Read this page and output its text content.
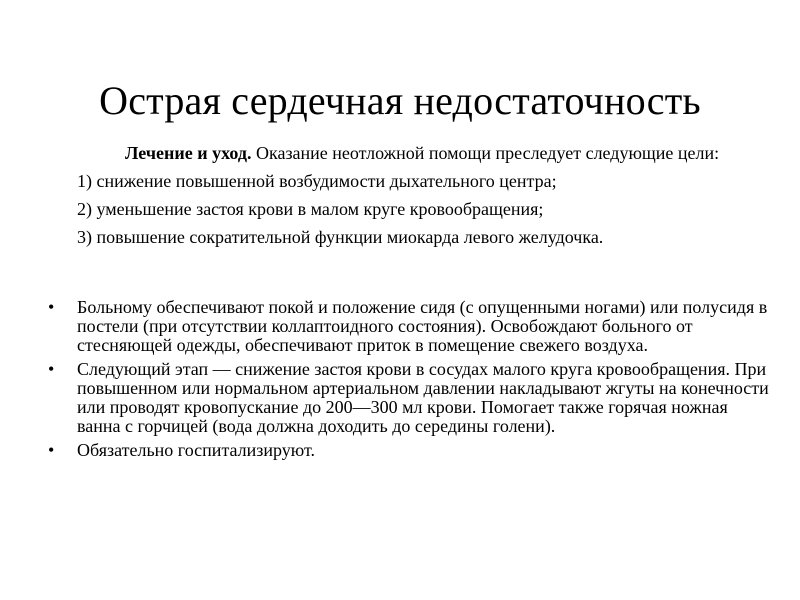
Острая сердечная недостаточность

Лечение и уход. Оказание неотложной помощи преследует следующие цели:

1) снижение повышенной возбудимости дыхательного центра;

2) уменьшение застоя крови в малом круге кровообращения;

3) повышение сократительной функции миокарда левого желудочка.

•	Больному обеспечивают покой и положение сидя (с опущенными ногами) или полусидя в постели (при отсутствии коллаптоидного состояния). Освобождают больного от стесняющей одежды, обеспечивают приток в помещение свежего воздуха.
•	Следующий этап — снижение застоя крови в сосудах малого круга кровообращения. При повышенном или нормальном артериальном давлении накладывают жгуты на конечности или проводят кровопускание до 200—300 мл крови. Помогает также горячая ножная ванна с горчицей (вода должна доходить до середины голени).
•	Обязательно госпитализируют.
